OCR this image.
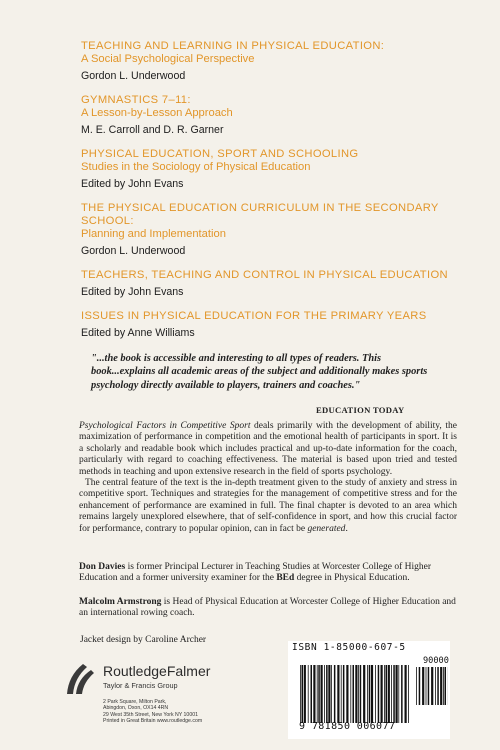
TEACHING AND LEARNING IN PHYSICAL EDUCATION:
A Social Psychological Perspective
Gordon L. Underwood
GYMNASTICS 7–11:
A Lesson-by-Lesson Approach
M. E. Carroll and D. R. Garner
PHYSICAL EDUCATION, SPORT AND SCHOOLING
Studies in the Sociology of Physical Education
Edited by John Evans
THE PHYSICAL EDUCATION CURRICULUM IN THE SECONDARY SCHOOL:
Planning and Implementation
Gordon L. Underwood
TEACHERS, TEACHING AND CONTROL IN PHYSICAL EDUCATION
Edited by John Evans
ISSUES IN PHYSICAL EDUCATION FOR THE PRIMARY YEARS
Edited by Anne Williams
"...the book is accessible and interesting to all types of readers. This book...explains all academic areas of the subject and additionally makes sports psychology directly available to players, trainers and coaches."
EDUCATION TODAY

Psychological Factors in Competitive Sport deals primarily with the development of ability, the maximization of performance in competition and the emotional health of participants in sport. It is a scholarly and readable book which includes practical and up-to-date information for the coach, particularly with regard to coaching effectiveness. The material is based upon tried and tested methods in teaching and upon extensive research in the field of sports psychology.

The central feature of the text is the in-depth treatment given to the study of anxiety and stress in competitive sport. Techniques and strategies for the management of competitive stress and for the enhancement of performance are examined in full. The final chapter is devoted to an area which remains largely unexplored elsewhere, that of self-confidence in sport, and how this crucial factor for performance, contrary to popular opinion, can in fact be generated.

Don Davies is former Principal Lecturer in Teaching Studies at Worcester College of Higher Education and a former university examiner for the BEd degree in Physical Education.
Malcolm Armstrong is Head of Physical Education at Worcester College of Higher Education and an international rowing coach.
Jacket design by Caroline Archer
RoutledgeFalmer
Taylor & Francis Group
2 Park Square, Milton Park,
Abingdon, Oxon, OX14 4RN
29 West 35th Street, New York NY 10001
Printed in Great Britain www.routledge.com
ISBN 1-85000-607-5
90000
9 781850 006077
